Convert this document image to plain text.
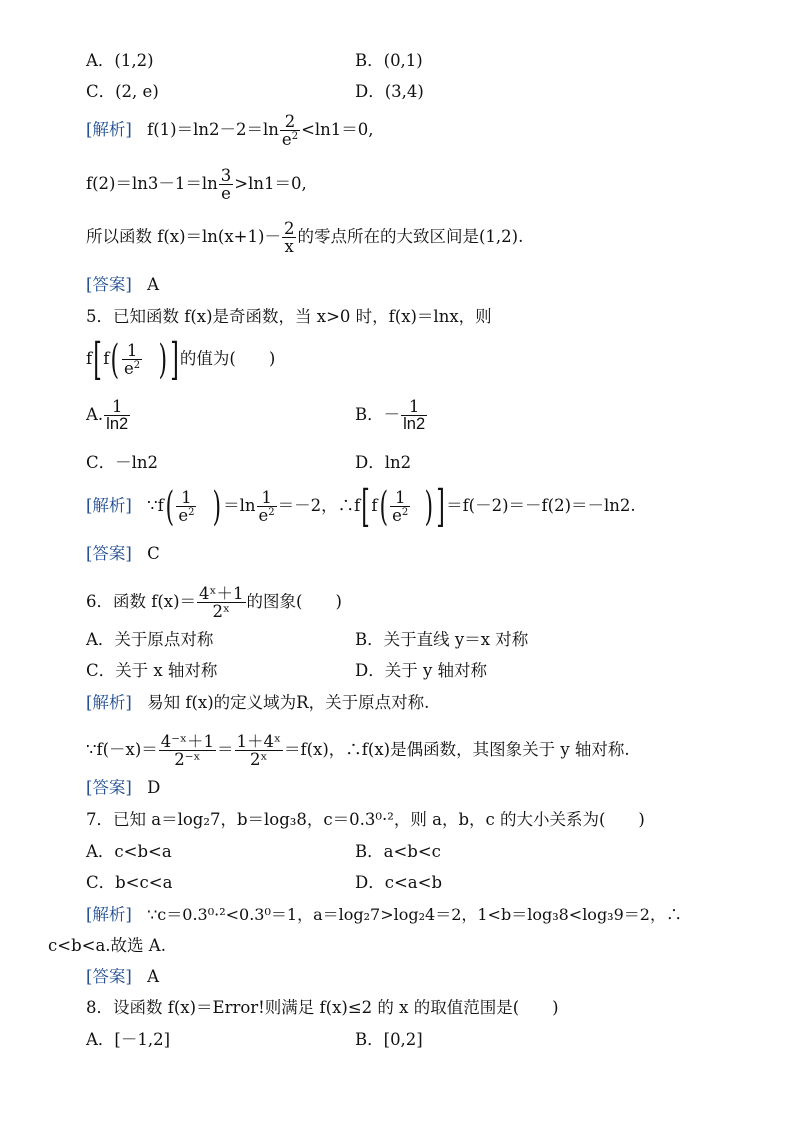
A．(1,2)	B．(0,1)
C．(2, e)	D．(3,4)
[解析] $f(1)=\ln 2-2=\ln \frac{2}{e^2} <\ln 1=0$,
$f(2)=\ln 3-1=\ln \frac{3}{e} >\ln 1=0$,
所以函数 $f(x)=\ln(x+1)- \frac{2}{x}$ 的零点所在的大致区间是(1,2).
[答案] A
5．已知函数 f(x)是奇函数，当 x>0 时，f(x)＝lnx，则
$f[f( \frac{1}{e^2}$ )]的值为(　　)
A. $\frac{1}{\ln 2}$	B．－ $\frac{1}{\ln 2}$
C．－ln2	D．ln2
[解析] ∵f( $\frac{1}{e^2} )=\ln \frac{1}{e^2} =-2$，∴f[f( $\frac{1}{e^2} )]=f(-2)=-f(2)=-\ln 2$.
[答案] C
6．函数 $f(x)= \frac{\text{4ˣ＋1}}{\text{2ˣ}}$ 的图象(　　)
A．关于原点对称	B．关于直线 y＝x 对称
C．关于 x 轴对称	D．关于 y 轴对称
[解析] 易知 f(x)的定义域为R，关于原点对称.
∵f(－x)＝ $\frac{\text{4⁻ˣ＋1}}{\text{2⁻ˣ}} = \frac{\text{1＋4ˣ}}{\text{2ˣ}} =f(x)$，∴f(x)是偶函数，其图象关于 y 轴对称.
[答案] D
7．已知 a＝log₂7，b＝log₃8，c＝0.3⁰·²，则 a，b，c 的大小关系为(　　)
A．c<b<a	B．a<b<c
C．b<c<a	D．c<a<b
[解析] ∵c＝0.3⁰·²<0.3⁰＝1，a＝log₂7>log₂4＝2，1<b＝log₃8<log₃9＝2，∴
c<b<a.故选 A.
[答案] A
8．设函数 f(x)＝Error!则满足 f(x)≤2 的 x 的取值范围是(　　)
A．[－1,2]	B．[0,2]
